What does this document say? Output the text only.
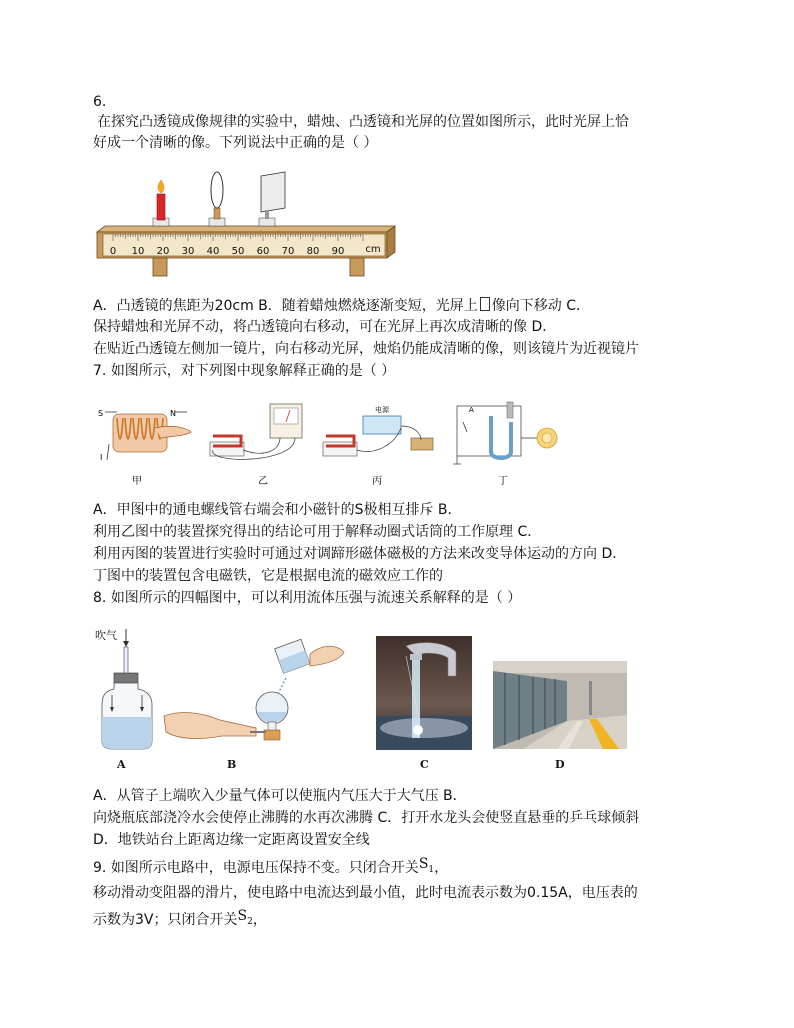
6.
在探究凸透镜成像规律的实验中，蜡烛、凸透镜和光屏的位置如图所示，此时光屏上恰
好成一个清晰的像。下列说法中正确的是（ ）
0 10 20 30 40 50 60 70 80 90 cm
A．凸透镜的焦距为20cm B．随着蜡烛燃烧逐渐变短，光屏上 像向下移动 C．
保持蜡烛和光屏不动，将凸透镜向右移动，可在光屏上再次成清晰的像 D．
在贴近凸透镜左侧加一镜片，向右移动光屏，烛焰仍能成清晰的像，则该镜片为近视镜片
7. 如图所示，对下列图中现象解释正确的是（ ）
S	N
I
甲	乙
电源
丙
A
丁
A．甲图中的通电螺线管右端会和小磁针的S极相互排斥 B．
利用乙图中的装置探究得出的结论可用于解释动圈式话筒的工作原理 C．
利用丙图的装置进行实验时可通过对调蹄形磁体磁极的方法来改变导体运动的方向 D．
丁图中的装置包含电磁铁，它是根据电流的磁效应工作的
8. 如图所示的四幅图中，可以利用流体压强与流速关系解释的是（ ）
吹气
A	B	C	D
A．从管子上端吹入少量气体可以使瓶内气压大于大气压 B．
向烧瓶底部浇冷水会使停止沸腾的水再次沸腾 C．打开水龙头会使竖直悬垂的乒乓球倾斜
D．地铁站台上距离边缘一定距离设置安全线
9. 如图所示电路中，电源电压保持不变。只闭合开关$S_1$，
移动滑动变阻器的滑片，使电路中电流达到最小值，此时电流表示数为0.15A，电压表的
示数为3V；只闭合开关$S_2$，
